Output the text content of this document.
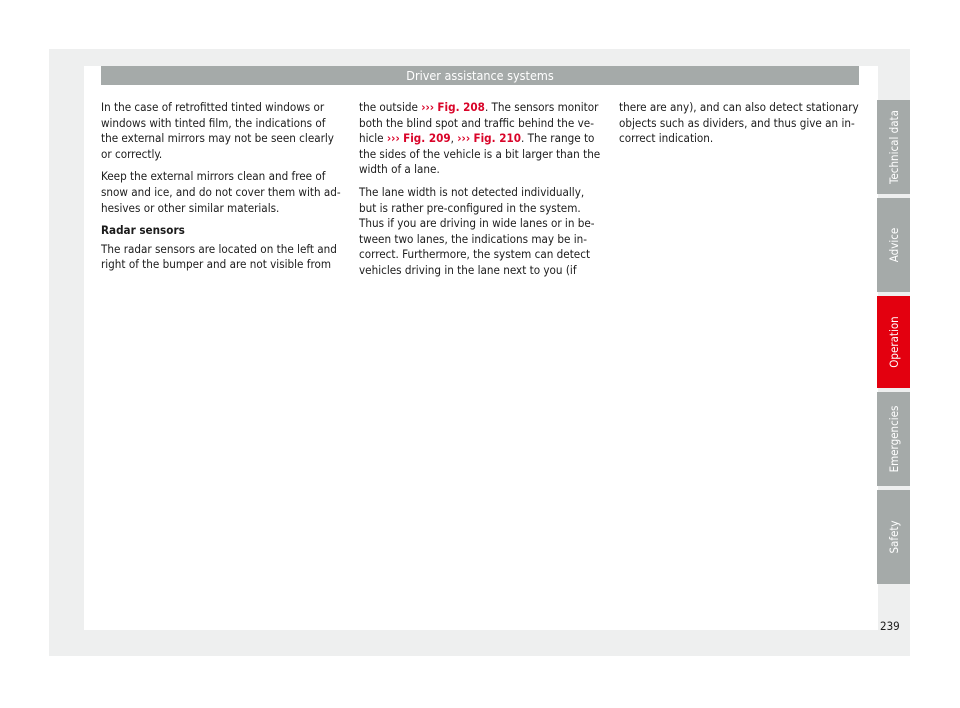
Driver assistance systems

In the case of retrofitted tinted windows or windows with tinted film, the indications of the external mirrors may not be seen clearly or correctly.

Keep the external mirrors clean and free of snow and ice, and do not cover them with ad-hesives or other similar materials.

Radar sensors

The radar sensors are located on the left and right of the bumper and are not visible from

the outside ››› Fig. 208. The sensors monitor both the blind spot and traffic behind the ve-hicle ››› Fig. 209, ››› Fig. 210. The range to the sides of the vehicle is a bit larger than the width of a lane.

The lane width is not detected individually, but is rather pre-configured in the system. Thus if you are driving in wide lanes or in be-tween two lanes, the indications may be in-correct. Furthermore, the system can detect vehicles driving in the lane next to you (if

there are any), and can also detect stationary objects such as dividers, and thus give an in-correct indication.	Technical data
Advice
Operation
Emergencies
Safety
239
